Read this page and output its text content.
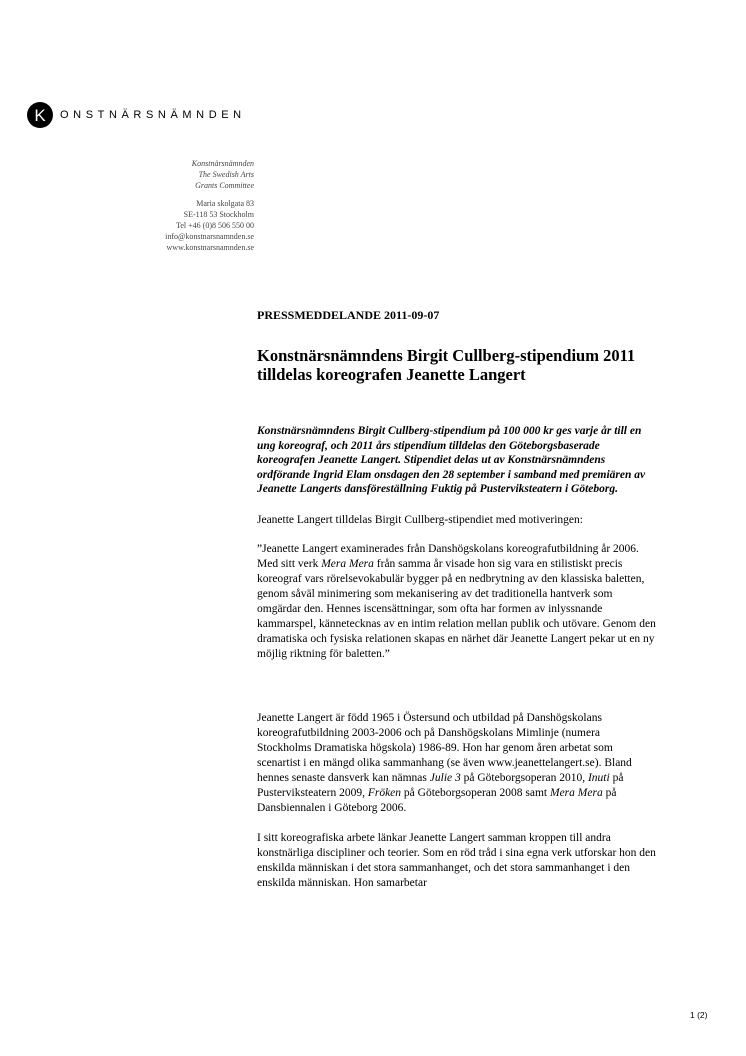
K	ONSTNÄRSNÄMNDEN
Konstnärsnämnden
The Swedish Arts
Grants Committee
Maria skolgata 83
SE-118 53 Stockholm
Tel +46 (0)8 506 550 00
info@konstnarsnamnden.se
www.konstnarsnamnden.se
PRESSMEDDELANDE 2011-09-07
Konstnärsnämndens Birgit Cullberg-stipendium 2011 tilldelas koreografen Jeanette Langert
Konstnärsnämndens Birgit Cullberg-stipendium på 100 000 kr ges varje år till en ung koreograf, och 2011 års stipendium tilldelas den Göteborgsbaserade koreografen Jeanette Langert. Stipendiet delas ut av Konstnärsnämndens ordförande Ingrid Elam onsdagen den 28 september i samband med premiären av Jeanette Langerts dansföreställning Fuktig på Pusterviksteatern i Göteborg.
Jeanette Langert tilldelas Birgit Cullberg-stipendiet med motiveringen:
”Jeanette Langert examinerades från Danshögskolans koreografutbildning år 2006. Med sitt verk Mera Mera från samma år visade hon sig vara en stilistiskt precis koreograf vars rörelsevokabulär bygger på en nedbrytning av den klassiska baletten, genom såväl minimering som mekanisering av det traditionella hantverk som omgärdar den. Hennes iscensättningar, som ofta har formen av inlyssnande kammarspel, kännetecknas av en intim relation mellan publik och utövare. Genom den dramatiska och fysiska relationen skapas en närhet där Jeanette Langert pekar ut en ny möjlig riktning för baletten.”
Jeanette Langert är född 1965 i Östersund och utbildad på Danshögskolans koreografutbildning 2003-2006 och på Danshögskolans Mimlinje (numera Stockholms Dramatiska högskola) 1986-89. Hon har genom åren arbetat som scenartist i en mängd olika sammanhang (se även www.jeanettelangert.se). Bland hennes senaste dansverk kan nämnas Julie 3 på Göteborgsoperan 2010, Inuti på Pusterviksteatern 2009, Fröken på Göteborgsoperan 2008 samt Mera Mera på Dansbiennalen i Göteborg 2006.
I sitt koreografiska arbete länkar Jeanette Langert samman kroppen till andra konstnärliga discipliner och teorier. Som en röd tråd i sina egna verk utforskar hon den enskilda människan i det stora sammanhanget, och det stora sammanhanget i den enskilda människan. Hon samarbetar
1 (2)
